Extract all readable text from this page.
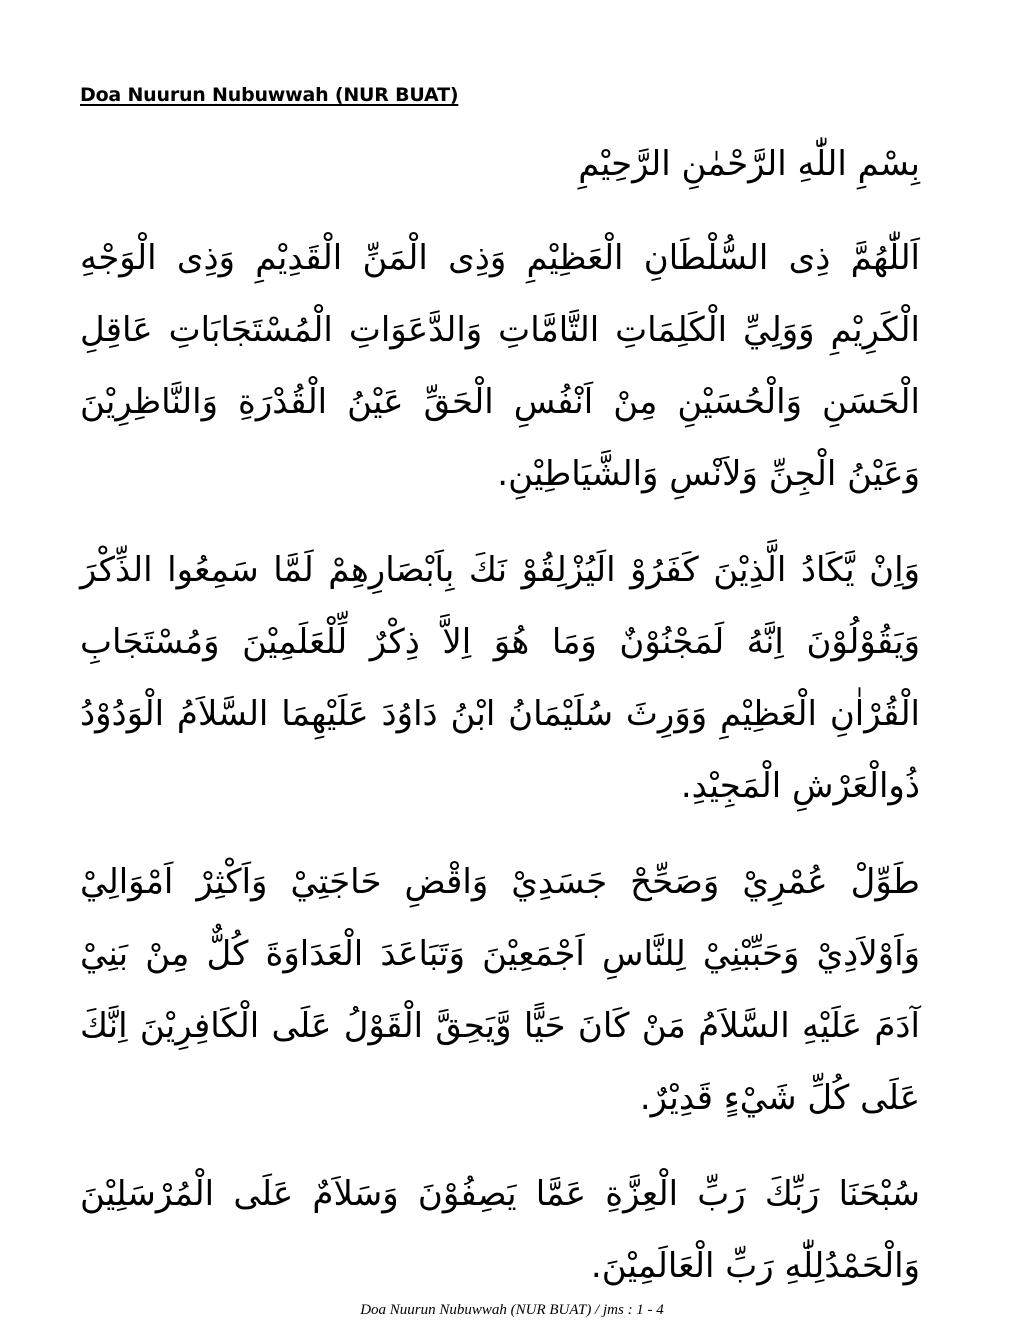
Doa Nuurun Nubuwwah (NUR BUAT)

بِسْمِ اللّٰهِ الرَّحْمٰنِ الرَّحِيْمِ

اَللّٰهُمَّ ذِى السُّلْطَانِ الْعَظِيْمِ وَذِى الْمَنِّ الْقَدِيْمِ وَذِى الْوَجْهِ الْكَرِيْمِ وَوَلِيِّ الْكَلِمَاتِ التَّامَّاتِ وَالدَّعَوَاتِ الْمُسْتَجَابَاتِ عَاقِلِ الْحَسَنِ وَالْحُسَيْنِ مِنْ اَنْفُسِ الْحَقِّ عَيْنُ الْقُدْرَةِ وَالنَّاظِرِيْنَ وَعَيْنُ الْجِنِّ وَلاَنْسِ وَالشَّيَاطِيْنِ.

وَاِنْ يَّكَادُ الَّذِيْنَ كَفَرُوْ الَيُزْلِقُوْ نَكَ بِاَبْصَارِهِمْ لَمَّا سَمِعُوا الذِّكْرَ وَيَقُوْلُوْنَ اِنَّهُ لَمَجْنُوْنٌ وَمَا هُوَ اِلاَّ ذِكْرٌ لِّلْعَلَمِيْنَ وَمُسْتَجَابِ الْقُرْاٰنِ الْعَظِيْمِ وَوَرِثَ سُلَيْمَانُ ابْنُ دَاوُدَ عَلَيْهِمَا السَّلاَمُ الْوَدُوْدُ ذُوالْعَرْشِ الْمَجِيْدِ.

طَوِّلْ عُمْرِيْ وَصَحِّحْ جَسَدِيْ وَاقْضِ حَاجَتِيْ وَاَكْثِرْ اَمْوَالِيْ وَاَوْلاَدِيْ وَحَبِّبْنِيْ لِلنَّاسِ اَجْمَعِيْنَ وَتَبَاعَدَ الْعَدَاوَةَ كُلٌّ مِنْ بَنِيْ آدَمَ عَلَيْهِ السَّلاَمُ مَنْ كَانَ حَيًّا وَّيَحِقَّ الْقَوْلُ عَلَى الْكَافِرِيْنَ اِنَّكَ عَلَى كُلِّ شَيْءٍ قَدِيْرٌ.

سُبْحَنَا رَبِّكَ رَبِّ الْعِزَّةِ عَمَّا يَصِفُوْنَ وَسَلاَمٌ عَلَى الْمُرْسَلِيْنَ وَالْحَمْدُلِلّٰهِ رَبِّ الْعَالَمِيْنَ.

Doa Nuurun Nubuwwah (NUR BUAT) / jms : 1 - 4
